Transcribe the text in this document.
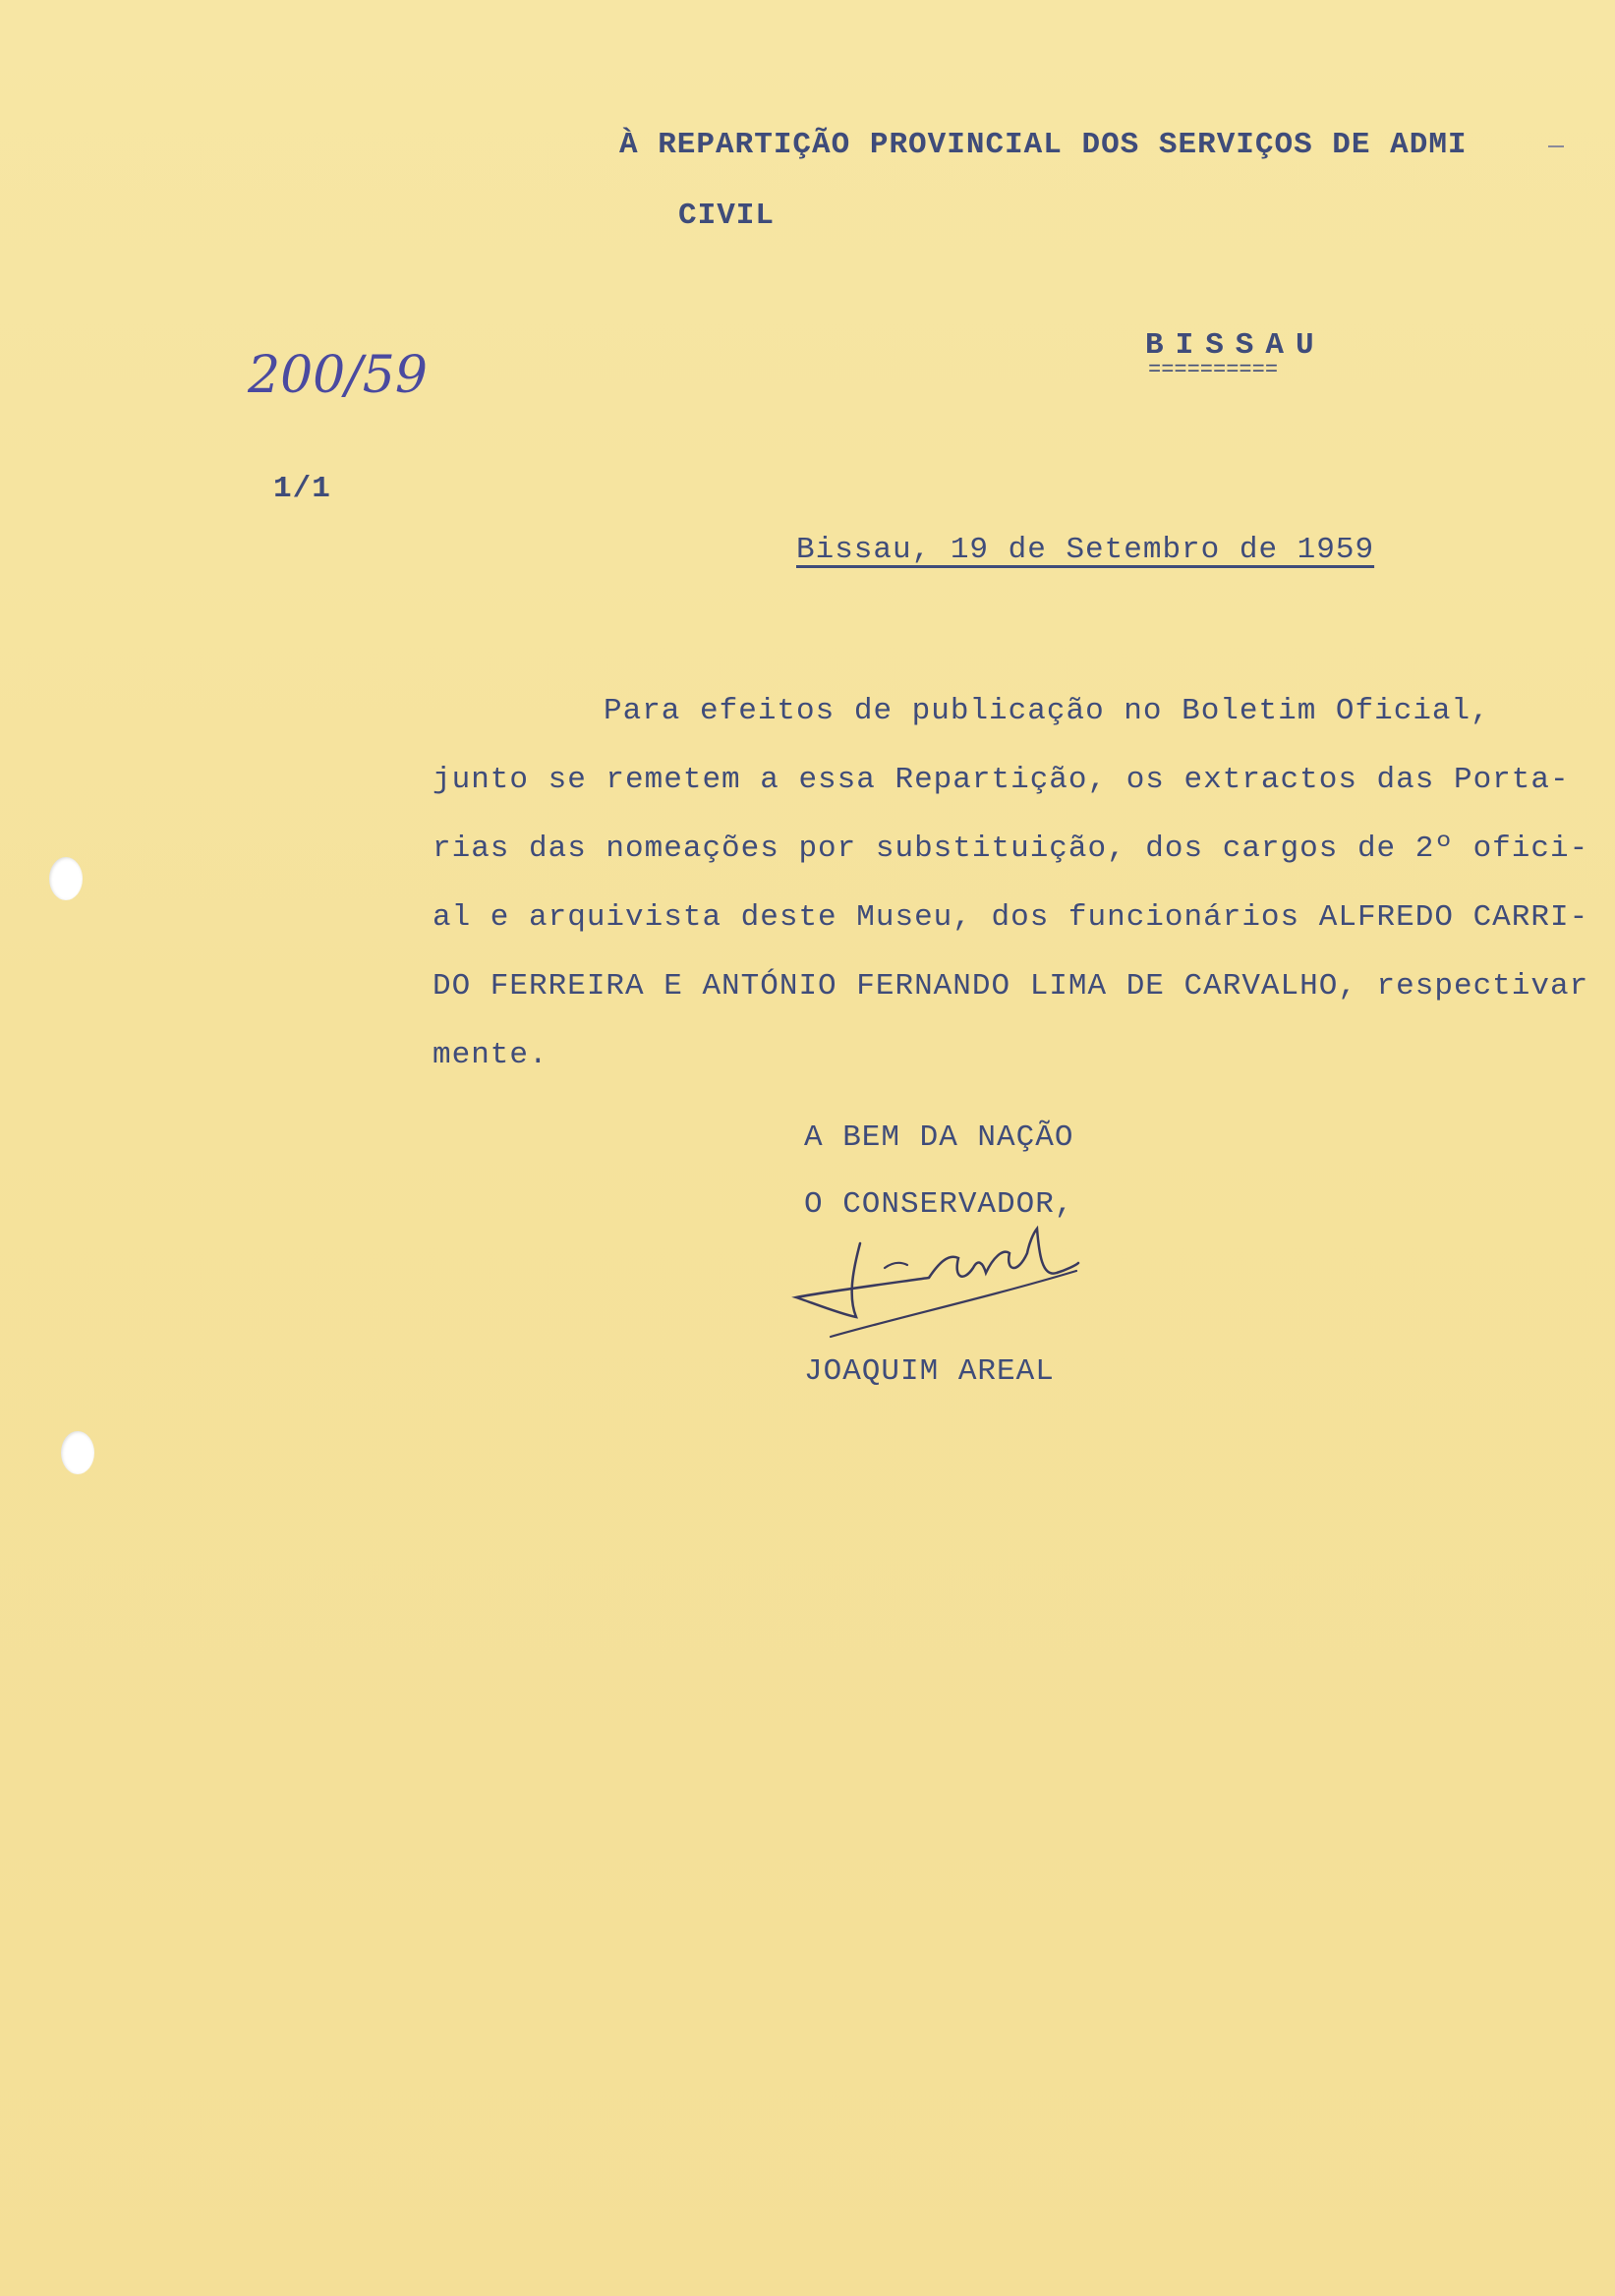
À REPARTIÇÃO PROVINCIAL DOS SERVIÇOS DE ADMI
CIVIL
BISSAU
==========
200/59
1/1
Bissau, 19 de Setembro de 1959
Para efeitos de publicação no Boletim Oficial,
junto se remetem a essa Repartição, os extractos das Porta-
rias das nomeações por substituição, dos cargos de 2º ofici-
al e arquivista deste Museu, dos funcionários ALFREDO CARRI-
DO FERREIRA E ANTÓNIO FERNANDO LIMA DE CARVALHO, respectivar
mente.
A BEM DA NAÇÃO
O CONSERVADOR,
JOAQUIM AREAL
